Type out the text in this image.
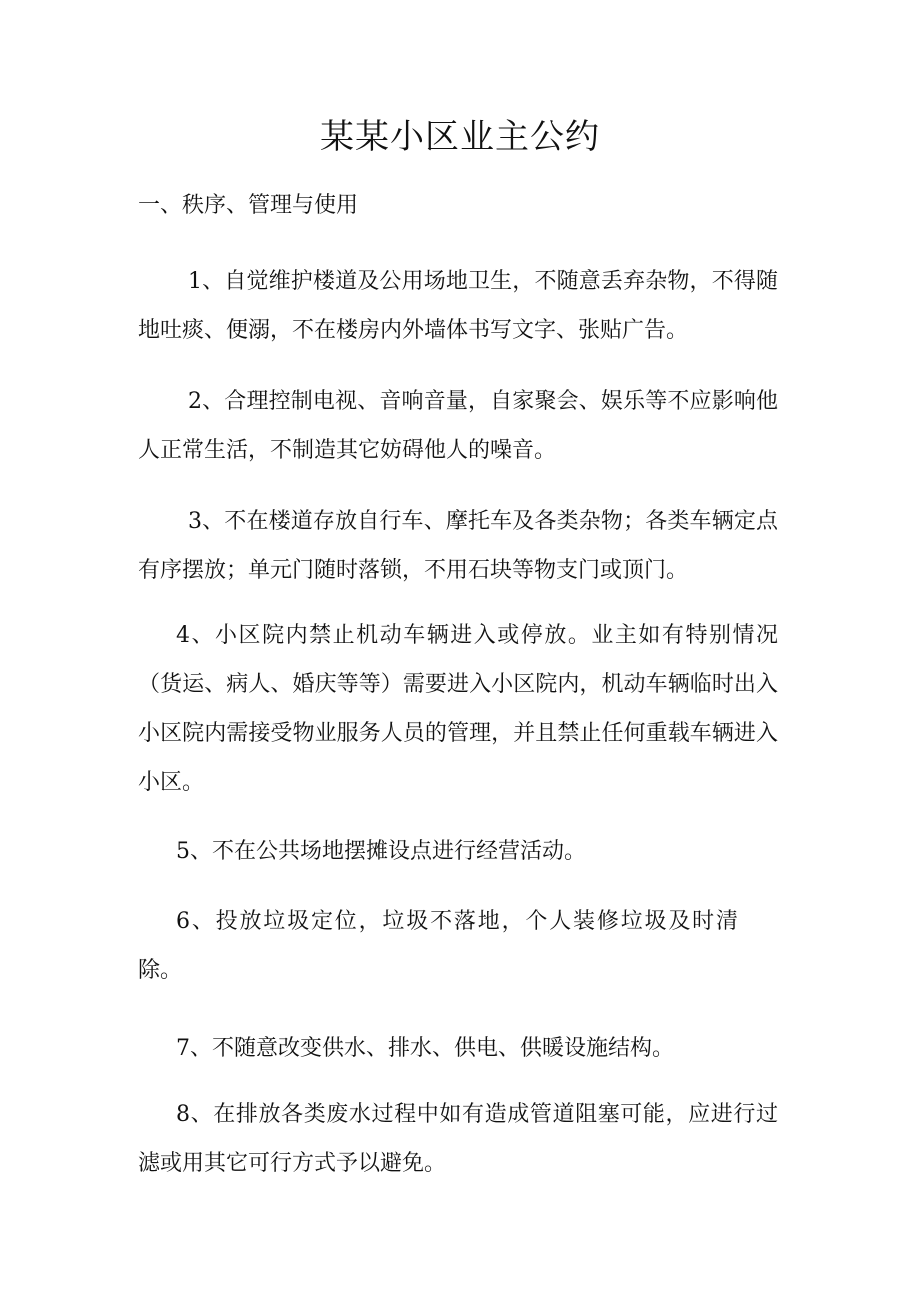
某某小区业主公约
一、秩序、管理与使用

1、自觉维护楼道及公用场地卫生，不随意丢弃杂物，不得随地吐痰、便溺，不在楼房内外墙体书写文字、张贴广告。

2、合理控制电视、音响音量，自家聚会、娱乐等不应影响他人正常生活，不制造其它妨碍他人的噪音。

3、不在楼道存放自行车、摩托车及各类杂物；各类车辆定点有序摆放；单元门随时落锁，不用石块等物支门或顶门。

4、小区院内禁止机动车辆进入或停放。业主如有特别情况（货运、病人、婚庆等等）需要进入小区院内，机动车辆临时出入小区院内需接受物业服务人员的管理，并且禁止任何重载车辆进入小区。

5、不在公共场地摆摊设点进行经营活动。

6、投放垃圾定位，垃圾不落地，个人装修垃圾及时清除。

7、不随意改变供水、排水、供电、供暖设施结构。

8、在排放各类废水过程中如有造成管道阻塞可能，应进行过滤或用其它可行方式予以避免。
